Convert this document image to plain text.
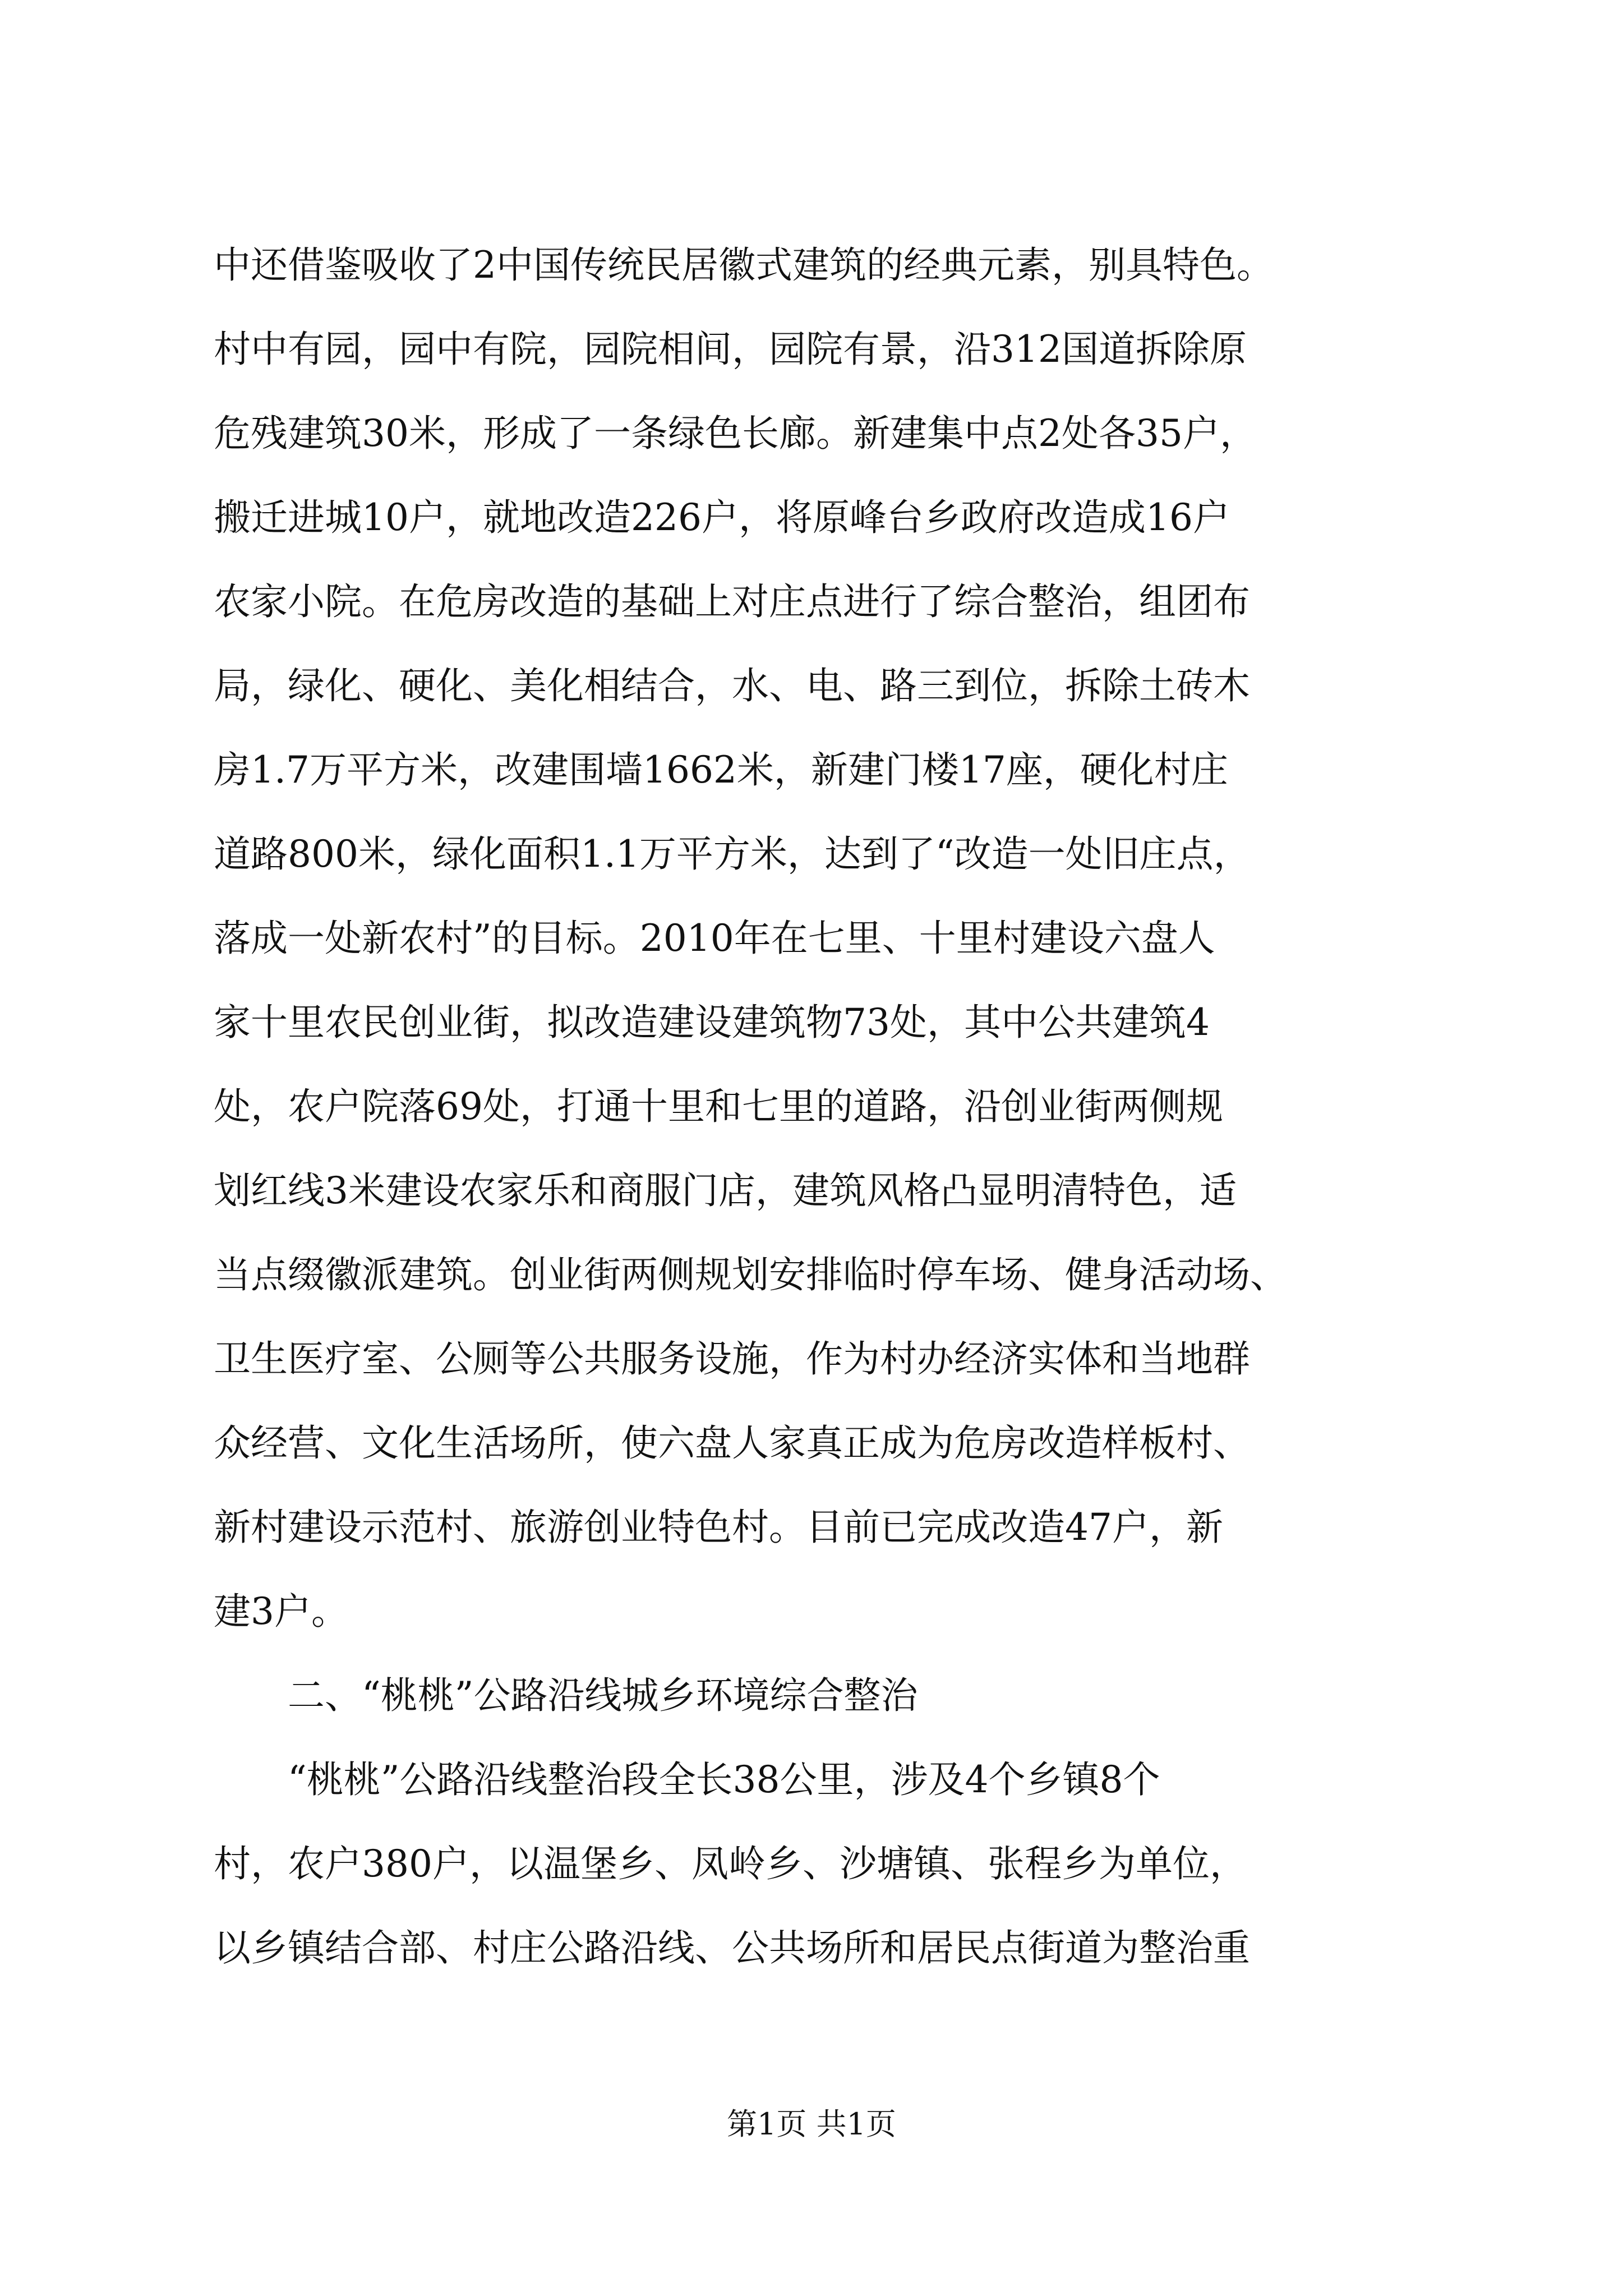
中还借鉴吸收了2中国传统民居徽式建筑的经典元素，别具特色。
村中有园，园中有院，园院相间，园院有景，沿312国道拆除原
危残建筑30米，形成了一条绿色长廊。新建集中点2处各35户，
搬迁进城10户，就地改造226户，将原峰台乡政府改造成16户
农家小院。在危房改造的基础上对庄点进行了综合整治，组团布
局，绿化、硬化、美化相结合，水、电、路三到位，拆除土砖木
房1.7万平方米，改建围墙1662米，新建门楼17座，硬化村庄
道路800米，绿化面积1.1万平方米，达到了“改造一处旧庄点，
落成一处新农村”的目标。2010年在七里、十里村建设六盘人
家十里农民创业街，拟改造建设建筑物73处，其中公共建筑4
处，农户院落69处，打通十里和七里的道路，沿创业街两侧规
划红线3米建设农家乐和商服门店，建筑风格凸显明清特色，适
当点缀徽派建筑。创业街两侧规划安排临时停车场、健身活动场、
卫生医疗室、公厕等公共服务设施，作为村办经济实体和当地群
众经营、文化生活场所，使六盘人家真正成为危房改造样板村、
新村建设示范村、旅游创业特色村。目前已完成改造47户，新
建3户。
二、“桃桃”公路沿线城乡环境综合整治
“桃桃”公路沿线整治段全长38公里，涉及4个乡镇8个
村，农户380户，以温堡乡、凤岭乡、沙塘镇、张程乡为单位，
以乡镇结合部、村庄公路沿线、公共场所和居民点街道为整治重
第1页 共1页
